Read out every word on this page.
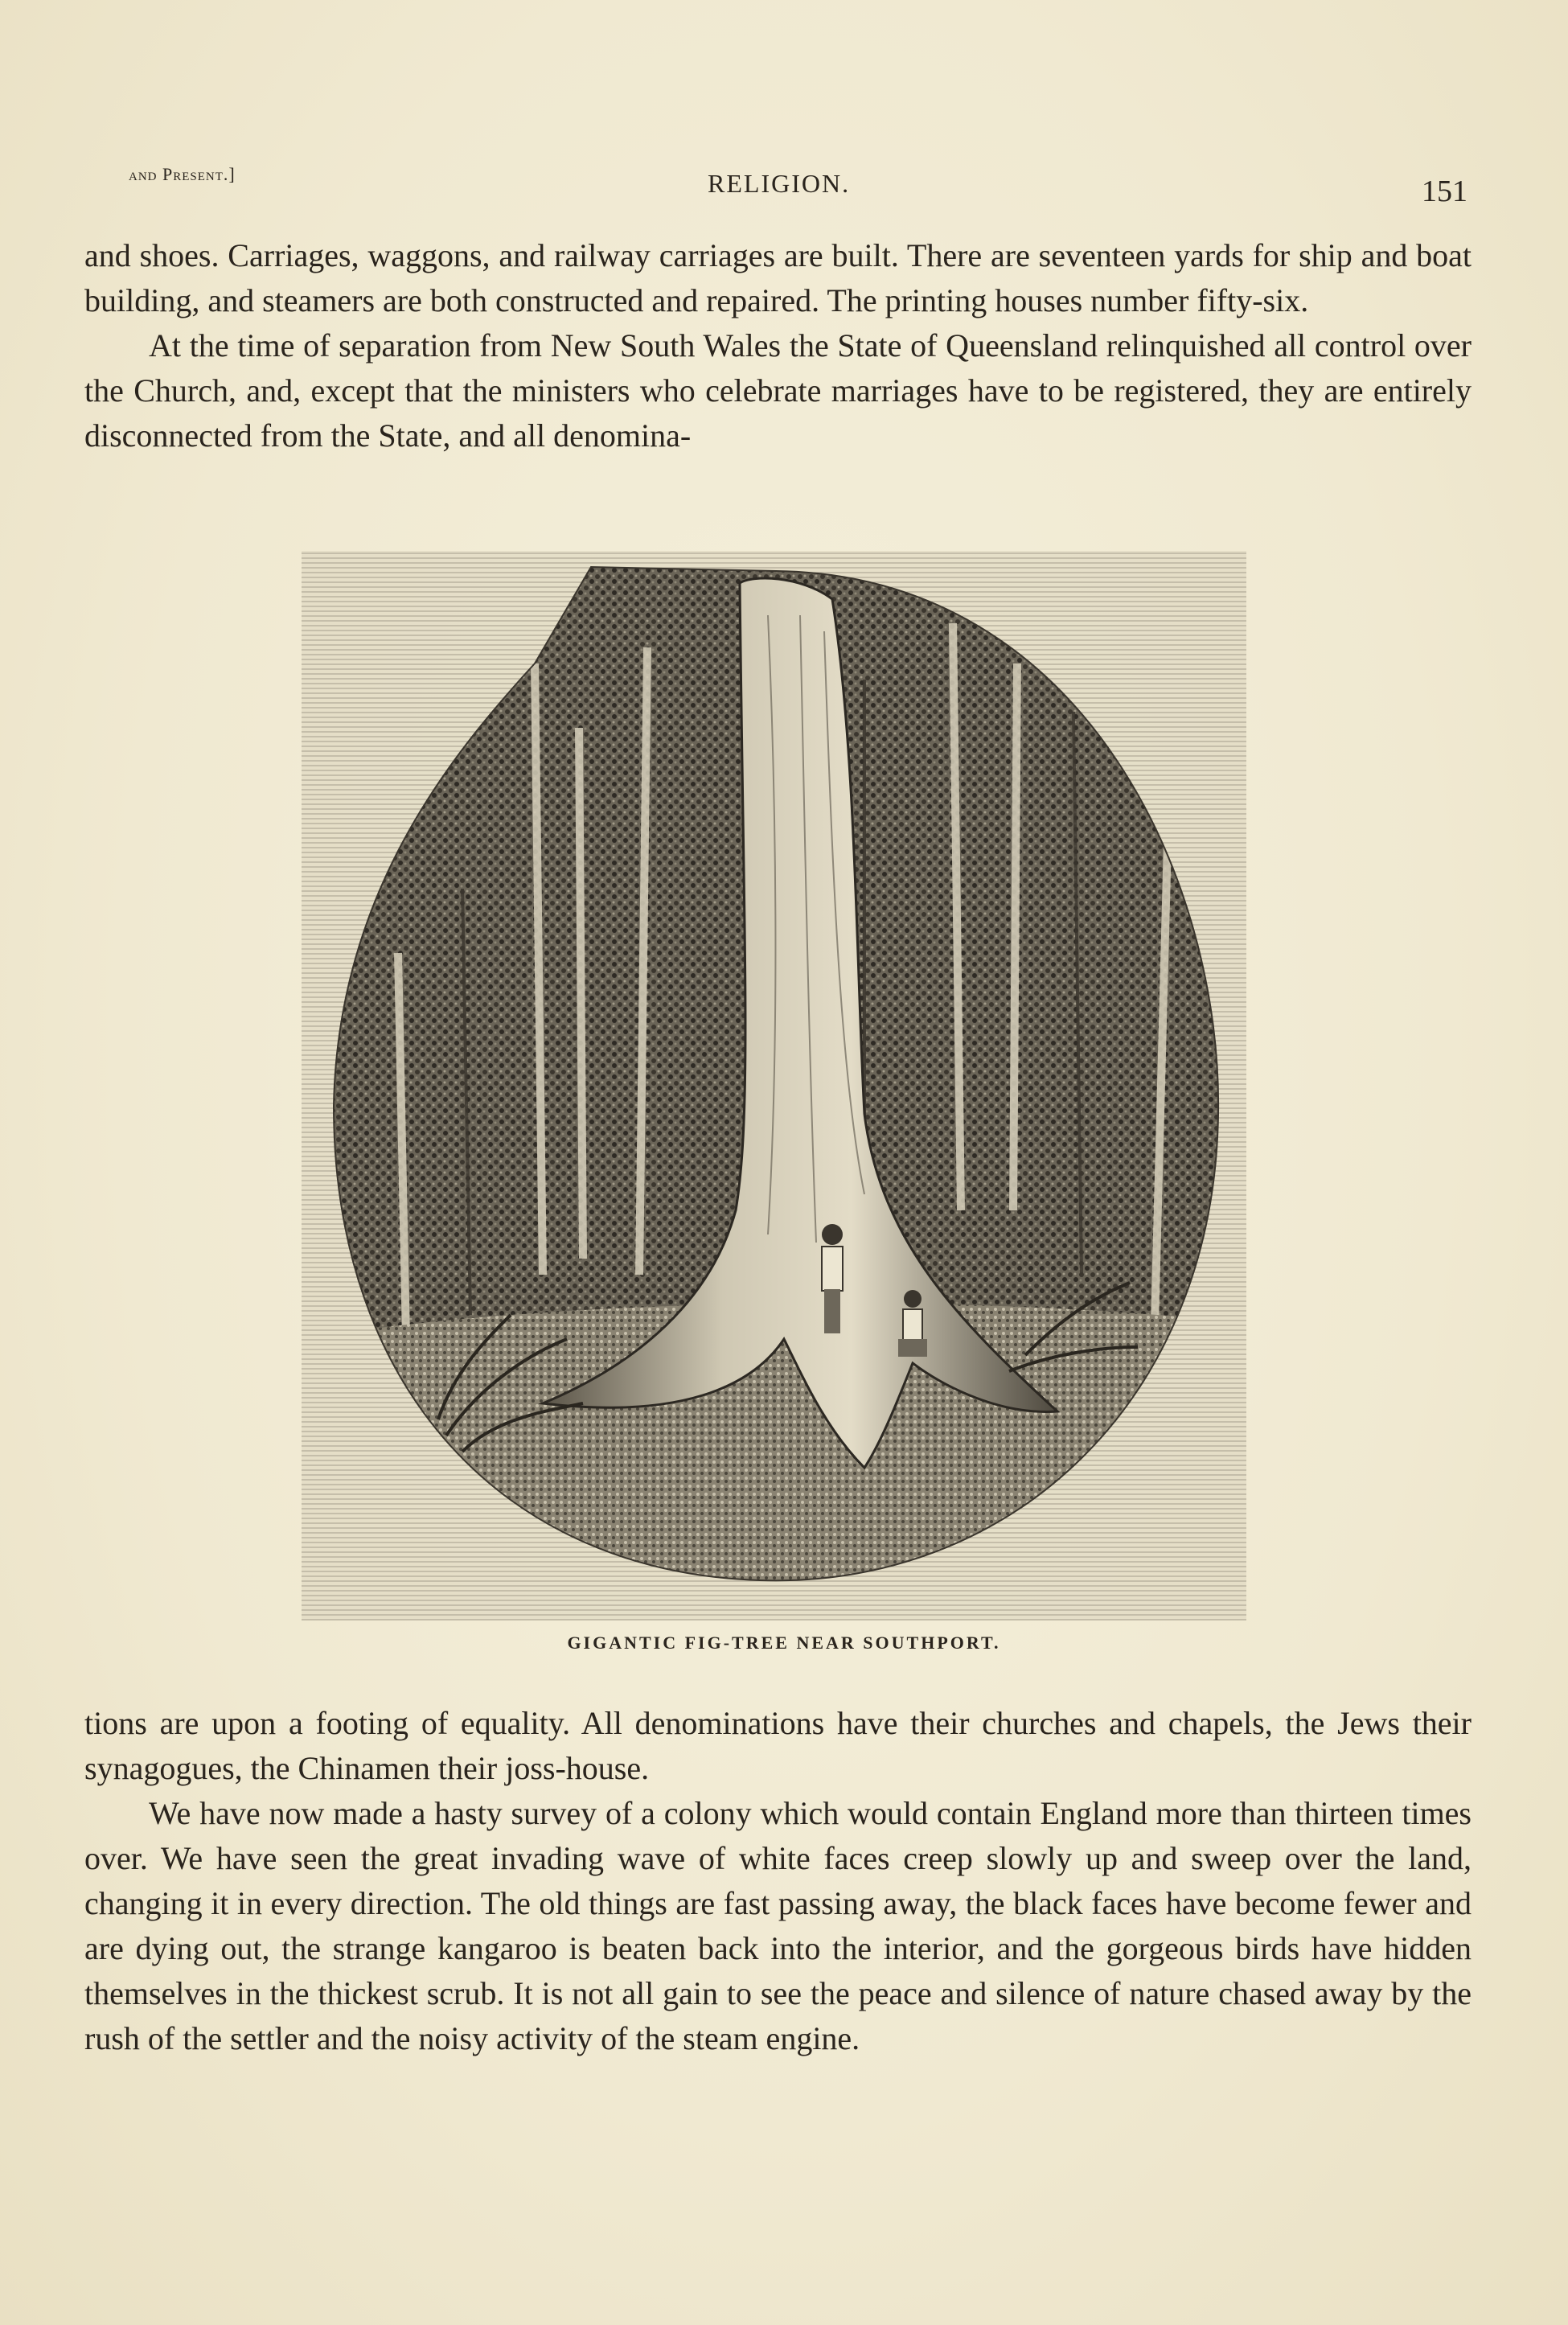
and Present.]	RELIGION.	151

and shoes. Carriages, waggons, and railway carriages are built. There are seventeen yards for ship and boat building, and steamers are both constructed and repaired. The printing houses number fifty-six.

At the time of separation from New South Wales the State of Queensland relinquished all control over the Church, and, except that the ministers who celebrate marriages have to be registered, they are entirely disconnected from the State, and all denomina-

GIGANTIC FIG-TREE NEAR SOUTHPORT.

tions are upon a footing of equality. All denominations have their churches and chapels, the Jews their synagogues, the Chinamen their joss-house.

We have now made a hasty survey of a colony which would contain England more than thirteen times over. We have seen the great invading wave of white faces creep slowly up and sweep over the land, changing it in every direction. The old things are fast passing away, the black faces have become fewer and are dying out, the strange kangaroo is beaten back into the interior, and the gorgeous birds have hidden themselves in the thickest scrub. It is not all gain to see the peace and silence of nature chased away by the rush of the settler and the noisy activity of the steam engine.
